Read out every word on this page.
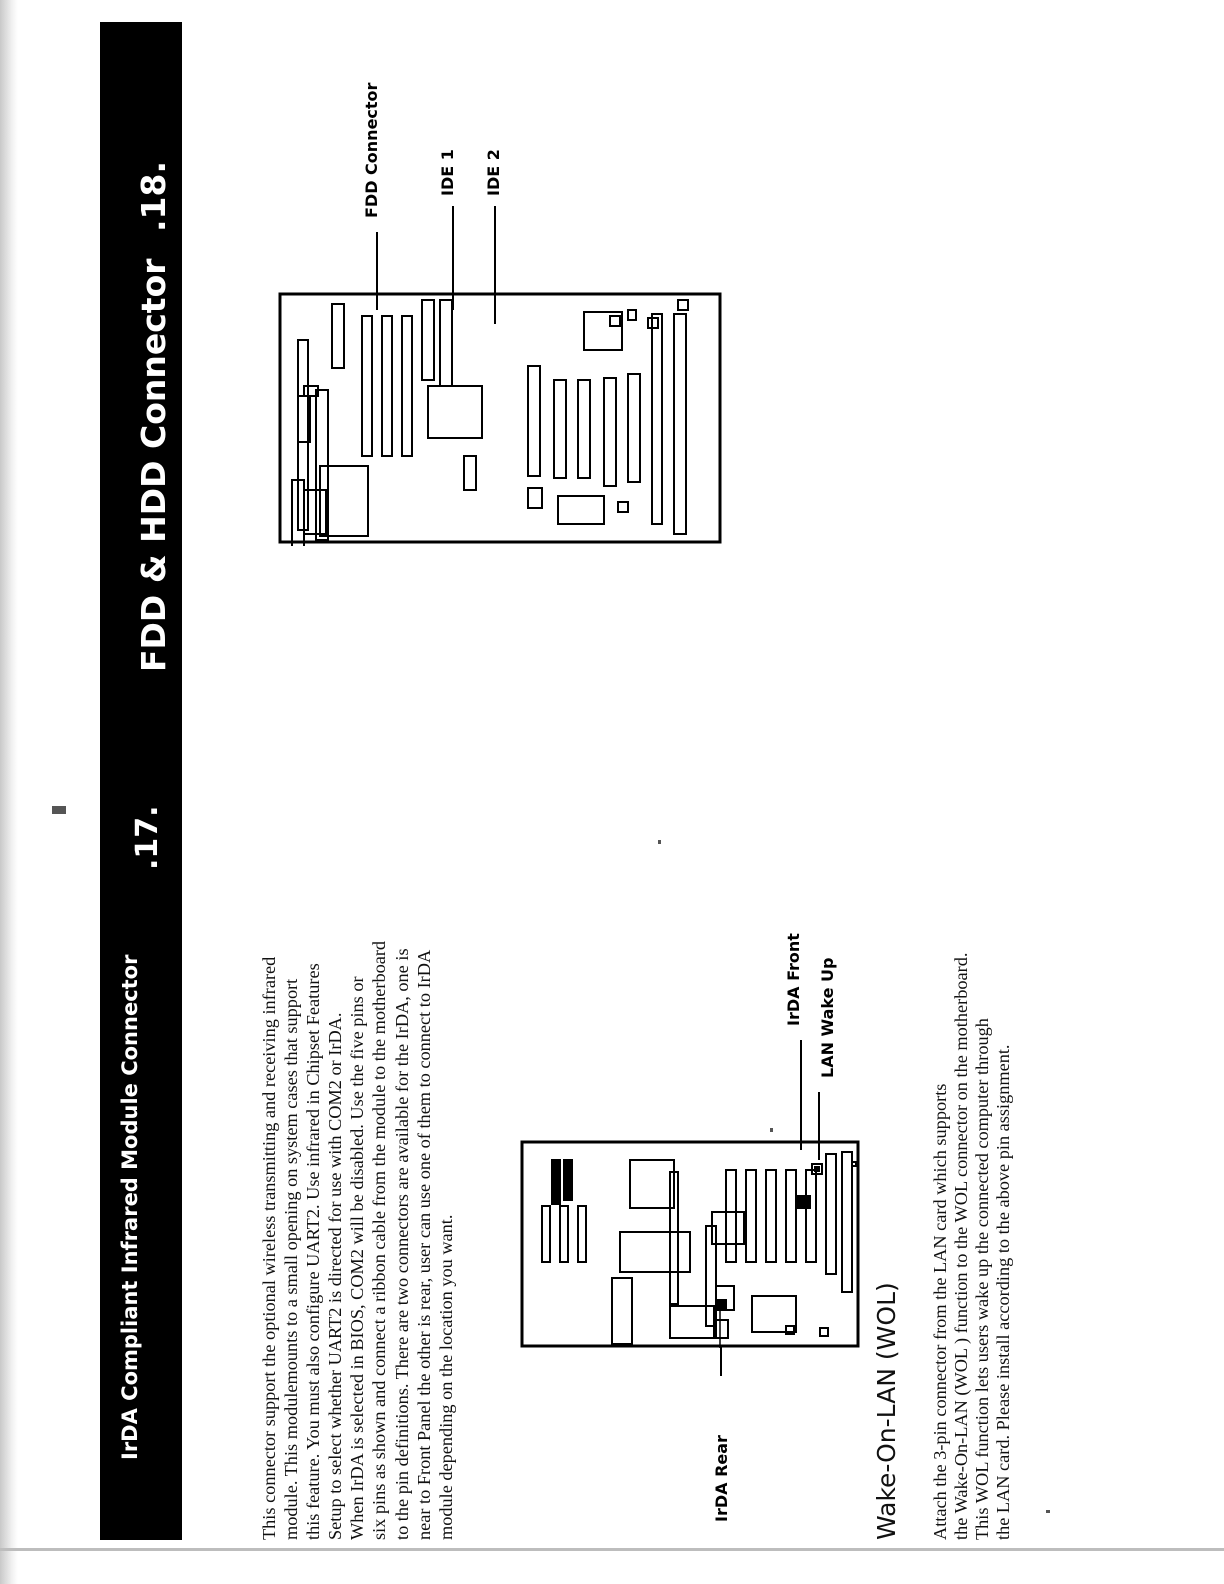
IrDA Compliant Infrared Module Connector
.17.
FDD & HDD Connector
.18.
This connector support the optional wireless transmitting and receiving infrared module. This modulemounts to a small opening on system cases that support this feature. You must also configure UART2. Use infrared in Chipset Features Setup to select whether UART2 is directed for use with COM2 or IrDA. When IrDA is selected in BIOS, COM2 will be disabled. Use the five pins or six pins as shown and connect a ribbon cable from the module to the motherboard to the pin definitions. There are two connectors are available for the IrDA, one is near to Front Panel the other is rear, user can use one of them to connect to IrDA module depending on the location you want.	IrDA Rear
IrDA Front LAN Wake Up
Wake-On-LAN (WOL) Attach the 3-pin connector from the LAN card which supports the Wake-On-LAN (WOL ) function to the WOL connector on the motherboard. This WOL function lets users wake up the connected computer through the LAN card. Please install according to the above pin assignment.
FDD Connector	IDE 1 IDE 2
